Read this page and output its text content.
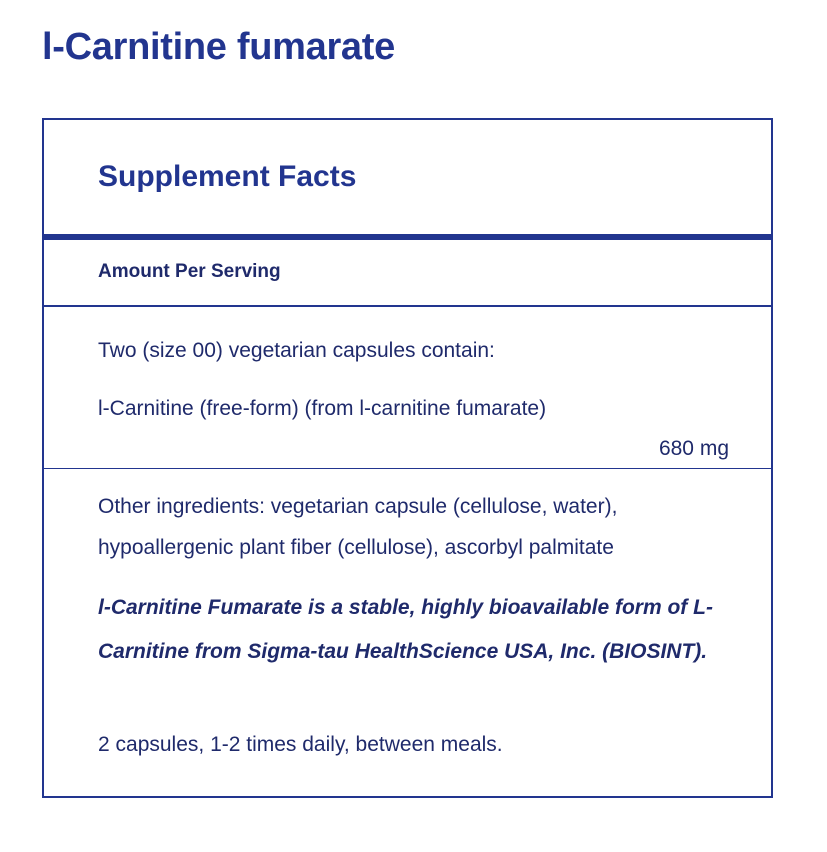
l-Carnitine fumarate
Supplement Facts
Amount Per Serving
Two (size 00) vegetarian capsules contain:
l-Carnitine (free-form) (from l-carnitine fumarate)
680 mg
Other ingredients: vegetarian capsule (cellulose, water), hypoallergenic plant fiber (cellulose), ascorbyl palmitate
l-Carnitine Fumarate is a stable, highly bioavailable form of L-Carnitine from Sigma-tau HealthScience USA, Inc. (BIOSINT).
2 capsules, 1-2 times daily, between meals.
